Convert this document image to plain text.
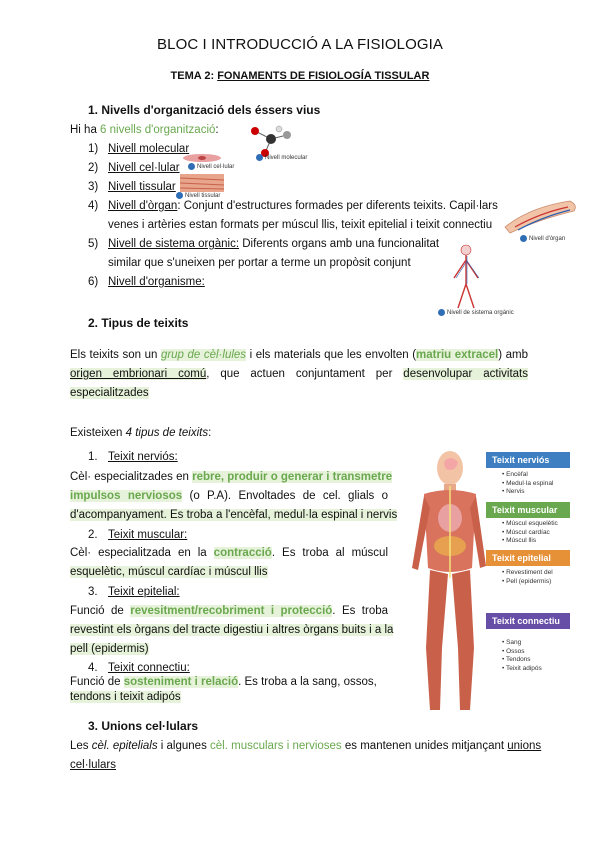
BLOC I INTRODUCCIÓ A LA FISIOLOGIA
TEMA 2: FONAMENTS DE FISIOLOGÍA TISSULAR
1. Nivells d'organització dels éssers vius
Hi ha 6 nivells d'organització:
1) Nivell molecular
2) Nivell cel·lular
3) Nivell tissular
4) Nivell d'òrgan: Conjunt d'estructures formades per diferents teixits. Capil·lars
venes i artèries estan formats per múscul llis, teixit epitelial i teixit connectiu
5) Nivell de sistema orgànic: Diferents organs amb una funcionalitat
similar que s'uneixen per portar a terme un propòsit conjunt
6) Nivell d'organisme:
Nivell molecular
Nivell cel·lular
Nivell tissular
Nivell d'òrgan
Nivell de sistema orgànic
2. Tipus de teixits
Els teixits son un grup de cèl·lules i els materials que les envolten (matriu extracel) amb
origen embrionari comú, que actuen conjuntament per desenvolupar activitats
especialitzades
Existeixen 4 tipus de teixits:
1. Teixit nerviós:
Cèl· especialitzades en rebre, produir o generar i transmetre
impulsos nerviosos (o P.A). Envoltades de cel. glials o
d'acompanyament. Es troba a l'encèfal, medul·la espinal i nervis
2. Teixit muscular:
Cèl· especialitzada en la contracció. Es troba al múscul
esquelètic, múscul cardíac i múscul llis
3. Teixit epitelial:
Funció de revesitment/recobriment i protecció. Es troba
revestint els òrgans del tracte digestiu i altres òrgans buits i a la
pell (epidermis)
4. Teixit connectiu:
Funció de sosteniment i relació. Es troba a la sang, ossos,
tendons i teixit adipós
Teixit nerviós
• Encèfal
• Medul·la espinal
• Nervis
Teixit muscular
• Múscul esquelètic
• Múscul cardíac
• Múscul llis
Teixit epitelial
• Revestiment del
• Pell (epidermis)
Teixit connectiu
• Sang
• Ossos
• Tendons
• Teixit adipós
3. Unions cel·lulars
Les cèl. epitelials i algunes cèl. musculars i nervioses es mantenen unides mitjançant unions
cel·lulars
